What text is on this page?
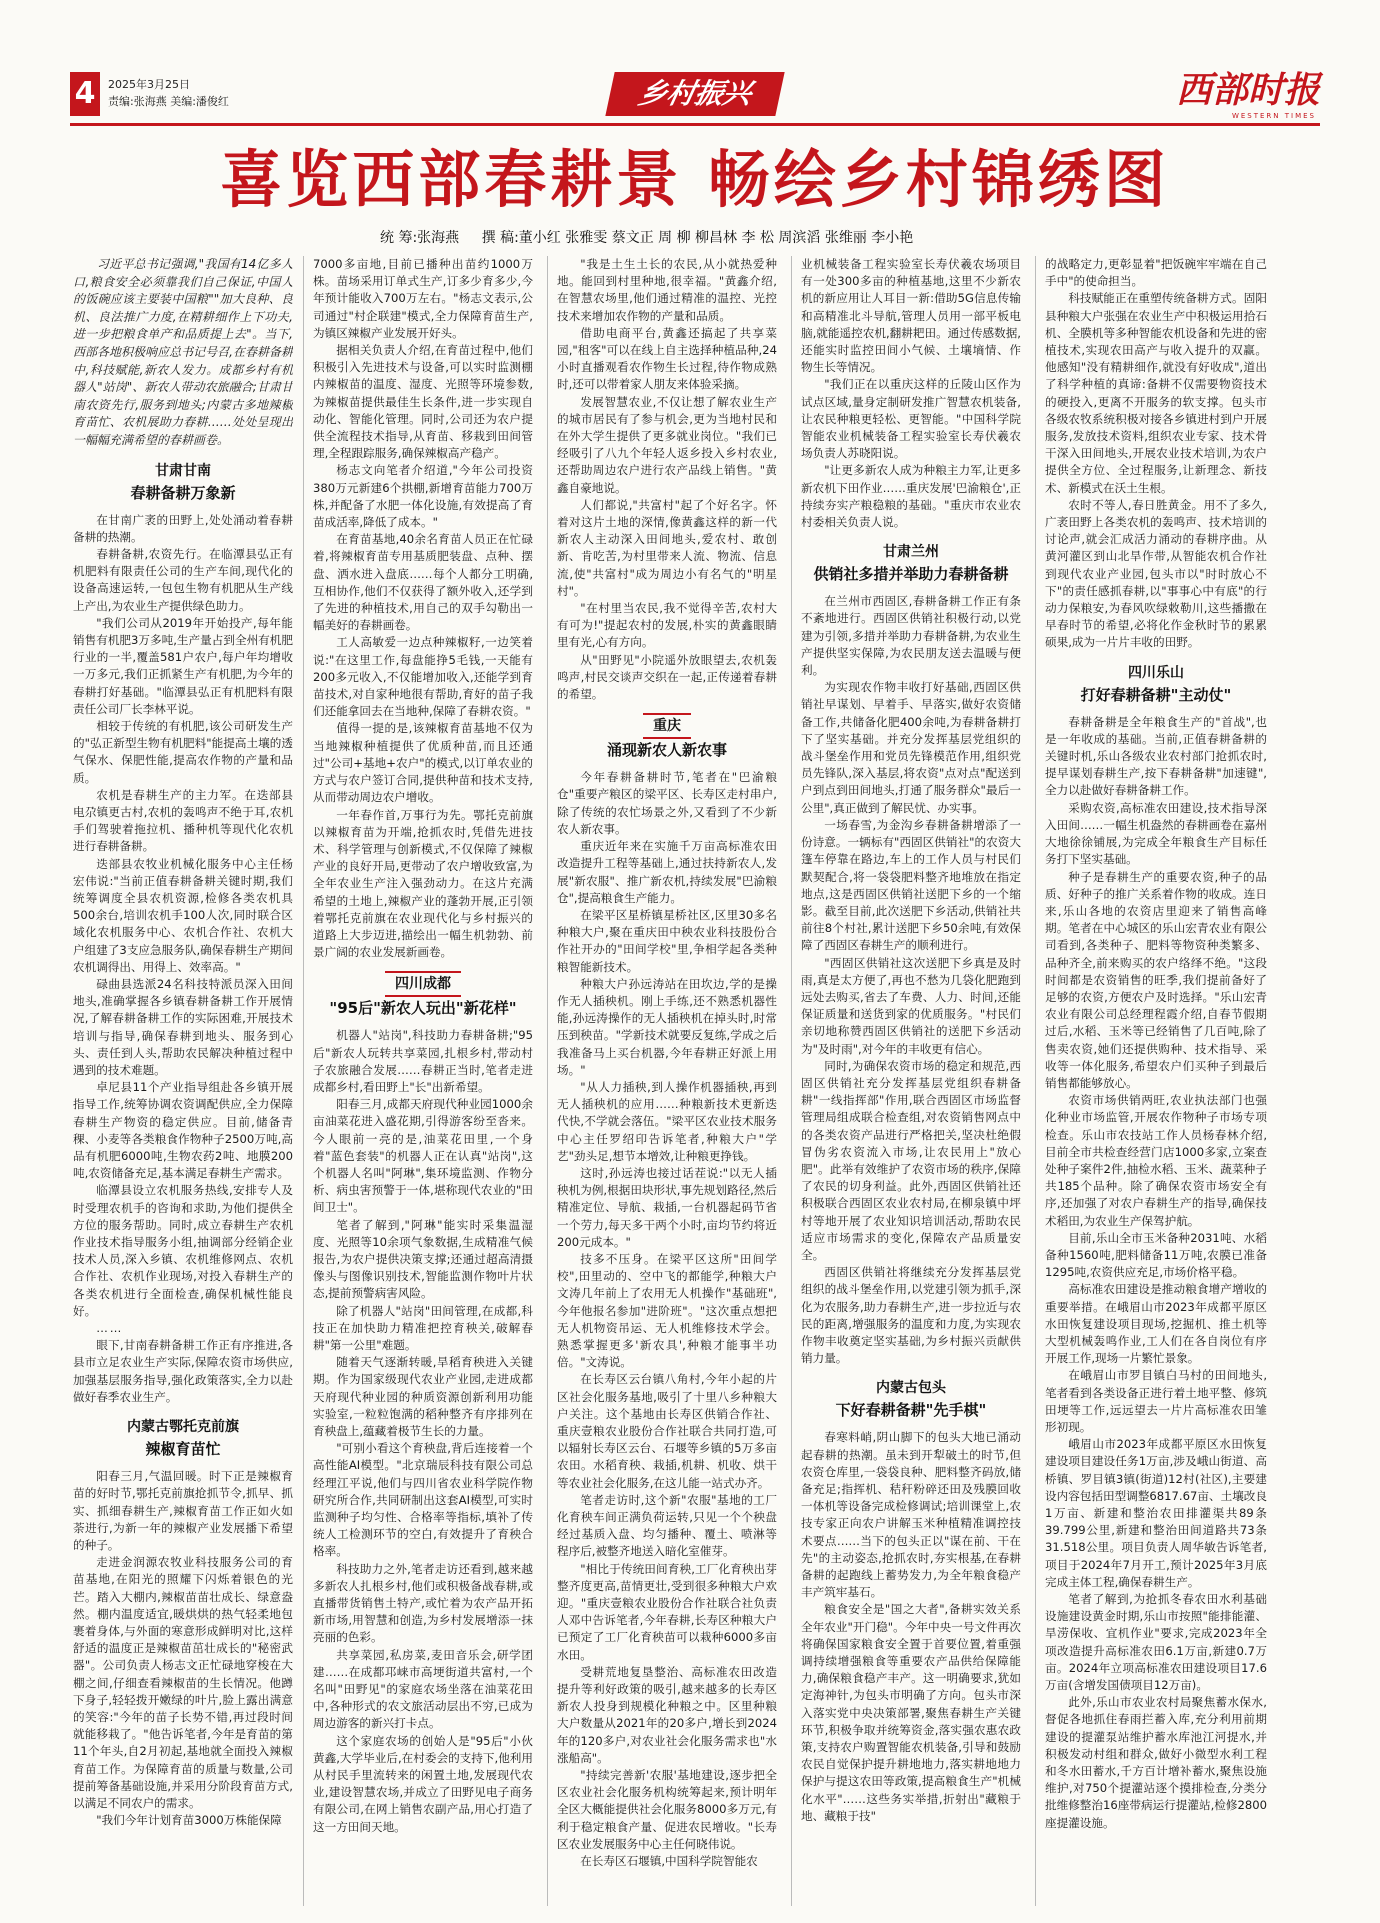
4	2025年3月25日
责编:张海燕 美编:潘俊红	乡村振兴	西部时报
WESTERN TIMES
喜览西部春耕景 畅绘乡村锦绣图
统 筹:张海燕 撰 稿:董小红 张雅雯 蔡文正 周 柳 柳昌林 李 松 周滨滔 张维丽 李小艳

习近平总书记强调,"我国有14亿多人口,粮食安全必须靠我们自己保证,中国人的饭碗应该主要装中国粮""加大良种、良机、良法推广力度,在精耕细作上下功夫,进一步把粮食单产和品质提上去"。当下,西部各地积极响应总书记号召,在春耕备耕中,科技赋能,新农人发力。成都乡村有机器人"站岗"、新农人带动农旅融合;甘肃甘南农资先行,服务到地头;内蒙古多地辣椒育苗忙、农机展助力春耕……处处呈现出一幅幅充满希望的春耕画卷。

甘肃甘南
春耕备耕万象新

在甘南广袤的田野上,处处涌动着春耕备耕的热潮。

春耕备耕,农资先行。在临潭县弘正有机肥料有限责任公司的生产车间,现代化的设备高速运转,一包包生物有机肥从生产线上产出,为农业生产提供绿色助力。

"我们公司从2019年开始投产,每年能销售有机肥3万多吨,生产量占到全州有机肥行业的一半,覆盖581户农户,每户年均增收一万多元,我们正抓紧生产有机肥,为今年的春耕打好基础。"临潭县弘正有机肥料有限责任公司厂长李林平说。

相较于传统的有机肥,该公司研发生产的"弘正新型生物有机肥料"能提高土壤的透气保水、保肥性能,提高农作物的产量和品质。

农机是春耕生产的主力军。在迭部县电尕镇更古村,农机的轰鸣声不绝于耳,农机手们驾驶着拖拉机、播种机等现代化农机进行春耕备耕。

迭部县农牧业机械化服务中心主任杨宏伟说:"当前正值春耕备耕关键时期,我们统筹调度全县农机资源,检修各类农机具500余台,培训农机手100人次,同时联合区域化农机服务中心、农机合作社、农机大户组建了3支应急服务队,确保春耕生产期间农机调得出、用得上、效率高。"

碌曲县选派24名科技特派员深入田间地头,准确掌握各乡镇春耕备耕工作开展情况,了解春耕备耕工作的实际困难,开展技术培训与指导,确保春耕到地头、服务到心头、责任到人头,帮助农民解决种植过程中遇到的技术难题。

卓尼县11个产业指导组赴各乡镇开展指导工作,统筹协调农资调配供应,全力保障春耕生产物资的稳定供应。目前,储备青稞、小麦等各类粮食作物种子2500万吨,高品有机肥6000吨,生物农药2吨、地膜200吨,农资储备充足,基本满足春耕生产需求。

临潭县设立农机服务热线,安排专人及时受理农机手的咨询和求助,为他们提供全方位的服务帮助。同时,成立春耕生产农机作业技术指导服务小组,抽调部分经销企业技术人员,深入乡镇、农机维修网点、农机合作社、农机作业现场,对投入春耕生产的各类农机进行全面检查,确保机械性能良好。

……

眼下,甘南春耕备耕工作正有序推进,各县市立足农业生产实际,保障农资市场供应,加强基层服务指导,强化政策落实,全力以赴做好春季农业生产。

内蒙古鄂托克前旗
辣椒育苗忙

阳春三月,气温回暖。时下正是辣椒育苗的好时节,鄂托克前旗抢抓节令,抓早、抓实、抓细春耕生产,辣椒育苗工作正如火如荼进行,为新一年的辣椒产业发展播下希望的种子。

走进金润源农牧业科技服务公司的育苗基地,在阳光的照耀下闪烁着银色的光芒。踏入大棚内,辣椒苗苗壮成长、绿意盎然。棚内温度适宜,暖烘烘的热气轻柔地包裹着身体,与外面的寒意形成鲜明对比,这样舒适的温度正是辣椒苗茁壮成长的"秘密武器"。公司负责人杨志文正忙碌地穿梭在大棚之间,仔细查看辣椒苗的生长情况。他蹲下身子,轻轻拨开嫩绿的叶片,脸上露出满意的笑容:"今年的苗子长势不错,再过段时间就能移栽了。"他告诉笔者,今年是育苗的第11个年头,自2月初起,基地就全面投入辣椒育苗工作。为保障育苗的质量与数量,公司提前筹备基础设施,并采用分阶段育苗方式,以满足不同农户的需求。

"我们今年计划育苗3000万株能保障

7000多亩地,目前已播种出苗约1000万株。苗场采用订单式生产,订多少育多少,今年预计能收入700万左右。"杨志文表示,公司通过"村企联建"模式,全力保障育苗生产,为镇区辣椒产业发展开好头。

据相关负责人介绍,在育苗过程中,他们积极引入先进技术与设备,可以实时监测棚内辣椒苗的温度、湿度、光照等环境参数,为辣椒苗提供最佳生长条件,进一步实现自动化、智能化管理。同时,公司还为农户提供全流程技术指导,从育苗、移栽到田间管理,全程跟踪服务,确保辣椒高产稳产。

杨志文向笔者介绍道,"今年公司投资380万元新建6个拱棚,新增育苗能力700万株,并配备了水肥一体化设施,有效提高了育苗成活率,降低了成本。"

在育苗基地,40余名育苗人员正在忙碌着,将辣椒育苗专用基质肥装盘、点种、摆盘、洒水进入盘底……每个人都分工明确,互相协作,他们不仅获得了额外收入,还学到了先进的种植技术,用自己的双手勾勒出一幅美好的春耕画卷。

工人高敏爱一边点种辣椒籽,一边笑着说:"在这里工作,每盘能挣5毛钱,一天能有200多元收入,不仅能增加收入,还能学到育苗技术,对自家种地很有帮助,育好的苗子我们还能拿回去在当地种,保障了春耕农资。"

值得一提的是,该辣椒育苗基地不仅为当地辣椒种植提供了优质种苗,而且还通过"公司+基地+农户"的模式,以订单农业的方式与农户签订合同,提供种苗和技术支持,从而带动周边农户增收。

一年春作首,万事行为先。鄂托克前旗以辣椒育苗为开端,抢抓农时,凭借先进技术、科学管理与创新模式,不仅保障了辣椒产业的良好开局,更带动了农户增收致富,为全年农业生产注入强劲动力。在这片充满希望的土地上,辣椒产业的蓬勃开展,正引领着鄂托克前旗在农业现代化与乡村振兴的道路上大步迈进,描绘出一幅生机勃勃、前景广阔的农业发展新画卷。

四川成都
"95后"新农人玩出"新花样"

机器人"站岗",科技助力春耕备耕;"95后"新农人玩转共享菜园,扎根乡村,带动村子农旅融合发展……春耕正当时,笔者走进成都乡村,看田野上"长"出新希望。

阳春三月,成都天府现代种业园1000余亩油菜花进入盛花期,引得游客纷至沓来。今人眼前一亮的是,油菜花田里,一个身着"蓝色套装"的机器人正在认真"站岗",这个机器人名叫"阿琳",集环境监测、作物分析、病虫害预警于一体,堪称现代农业的"田间卫士"。

笔者了解到,"阿琳"能实时采集温湿度、光照等10余项气象数据,生成精准气候报告,为农户提供决策支撑;还通过超高清摄像头与图像识别技术,智能监测作物叶片状态,提前预警病害风险。

除了机器人"站岗"田间管理,在成都,科技正在加快助力精准把控育秧关,破解春耕"第一公里"难题。

随着天气逐渐转暖,旱稻育秧进入关键期。作为国家级现代农业产业园,走进成都天府现代种业园的种质资源创新利用功能实验室,一粒粒饱满的稻种整齐有序排列在育秧盘上,蕴藏着极节生长的力量。

"可别小看这个育秧盘,背后连接着一个高性能AI模型。"北京瑞辰科技有限公司总经理江平说,他们与四川省农业科学院作物研究所合作,共同研制出这套AI模型,可实时监测种子均匀性、合格率等指标,填补了传统人工检测环节的空白,有效提升了育秧合格率。

科技助力之外,笔者走访还看到,越来越多新农人扎根乡村,他们或积极备战春耕,或直播带货销售土特产,或忙着为农产品开拓新市场,用智慧和创造,为乡村发展增添一抹亮丽的色彩。

共享菜园,私房菜,麦田音乐会,研学团建……在成都邛崃市高埂街道共富村,一个名叫"田野见"的家庭农场坐落在油菜花田中,各种形式的农文旅活动层出不穷,已成为周边游客的新兴打卡点。

这个家庭农场的创始人是"95后"小伙黄鑫,大学毕业后,在村委会的支持下,他利用从村民手里流转来的闲置土地,发展现代农业,建设智慧农场,并成立了田野见电子商务有限公司,在网上销售农副产品,用心打造了这一方田间天地。

"我是土生土长的农民,从小就热爱种地。能回到村里种地,很幸福。"黄鑫介绍,在智慧农场里,他们通过精准的温控、光控技术来增加农作物的产量和品质。

借助电商平台,黄鑫还搞起了共享菜园,"租客"可以在线上自主选择种植品种,24小时直播观看农作物生长过程,待作物成熟时,还可以带着家人朋友来体验采摘。

发展智慧农业,不仅让想了解农业生产的城市居民有了参与机会,更为当地村民和在外大学生提供了更多就业岗位。"我们已经吸引了八九个年轻人返乡投入乡村农业,还帮助周边农户进行农产品线上销售。"黄鑫自豪地说。

人们都说,"共富村"起了个好名字。怀着对这片土地的深情,像黄鑫这样的新一代新农人主动深入田间地头,爱农村、敢创新、肯吃苦,为村里带来人流、物流、信息流,使"共富村"成为周边小有名气的"明星村"。

"在村里当农民,我不觉得辛苦,农村大有可为!"提起农村的发展,朴实的黄鑫眼睛里有光,心有方向。

从"田野见"小院遥外放眼望去,农机轰鸣声,村民交谈声交织在一起,正传递着春耕的希望。

重庆
涌现新农人新农事

今年春耕备耕时节,笔者在"巴渝粮仓"重要产粮区的梁平区、长寿区走村串户,除了传统的农忙场景之外,又看到了不少新农人新农事。

重庆近年来在实施千万亩高标准农田改造提升工程等基础上,通过扶持新农人,发展"新农服"、推广新农机,持续发展"巴渝粮仓",提高粮食生产能力。

在梁平区星桥镇星桥社区,区里30多名种粮大户,聚在重庆田中秧农业科技股份合作社开办的"田间学校"里,争相学起各类种粮智能新技术。

种粮大户孙远涛站在田坎边,学的是操作无人插秧机。刚上手练,还不熟悉机器性能,孙远涛操作的无人插秧机在掉头时,时常压到秧苗。"学新技术就要反复练,学成之后我准备马上买台机器,今年春耕正好派上用场。"

"从人力插秧,到人操作机器插秧,再到无人插秧机的应用……种粮新技术更新迭代快,不学就会落伍。"梁平区农业技术服务中心主任罗绍印告诉笔者,种粮大户"学艺"劲头足,想节本增效,让种粮更挣钱。

这时,孙远涛也接过话茬说:"以无人插秧机为例,根据田块形状,事先规划路径,然后精准定位、导航、栽插,一台机器起码节省一个劳力,每天多干两个小时,亩均节约将近200元成本。"

技多不压身。在梁平区这所"田间学校",田里动的、空中飞的都能学,种粮大户文涛几年前上了农用无人机操作"基础班",今年他报名参加"进阶班"。"这次重点想把无人机物资吊运、无人机维修技术学会。熟悉掌握更多'新农具',种粮才能事半功倍。"文涛说。

在长寿区云台镇八角村,今年小起的片区社会化服务基地,吸引了十里八乡种粮大户关注。这个基地由长寿区供销合作社、重庆壹粮农业股份合作社联合共同打造,可以辐射长寿区云台、石堰等乡镇的5万多亩农田。水稻育秧、栽插,机耕、机收、烘干等农业社会化服务,在这儿能一站式办齐。

笔者走访时,这个新"农服"基地的工厂化育秧车间正满负荷运转,只见一个个秧盘经过基质入盘、均匀播种、覆土、喷淋等程序后,被整齐地送入暗化室催芽。

"相比于传统田间育秧,工厂化育秧出芽整齐度更高,苗情更壮,受到很多种粮大户欢迎。"重庆壹粮农业股份合作社联合社负责人邓中告诉笔者,今年春耕,长寿区种粮大户已预定了工厂化育秧苗可以栽种6000多亩水田。

受耕荒地复垦整治、高标准农田改造提升等利好政策的吸引,越来越多的长寿区新农人投身到规模化种粮之中。区里种粮大户数量从2021年的20多户,增长到2024年的120多户,对农业社会化服务需求也"水涨船高"。

"持续完善新'农服'基地建设,逐步把全区农业社会化服务机构统筹起来,预计明年全区大概能提供社会化服务8000多万元,有利于稳定粮食产量、促进农民增收。"长寿区农业发展服务中心主任何晓伟说。

在长寿区石堰镇,中国科学院智能农

业机械装备工程实验室长寿伏羲农场项目有一处300多亩的种植基地,这里不少新农机的新应用让人耳目一新:借助5G信息传输和高精准北斗导航,管理人员用一部平板电脑,就能遥控农机,翻耕耙田。通过传感数据,还能实时监控田间小气候、土壤墒情、作物生长等情况。

"我们正在以重庆这样的丘陵山区作为试点区域,量身定制研发推广智慧农机装备,让农民种粮更轻松、更智能。"中国科学院智能农业机械装备工程实验室长寿伏羲农场负责人苏晓阳说。

"让更多新农人成为种粮主力军,让更多新农机下田作业……重庆发展'巴渝粮仓',正持续夯实产粮稳粮的基础。"重庆市农业农村委相关负责人说。

甘肃兰州
供销社多措并举助力春耕备耕

在兰州市西固区,春耕备耕工作正有条不紊地进行。西固区供销社积极行动,以党建为引领,多措并举助力春耕备耕,为农业生产提供坚实保障,为农民朋友送去温暖与便利。

为实现农作物丰收打好基础,西固区供销社早谋划、早着手、早落实,做好农资储备工作,共储备化肥400余吨,为春耕备耕打下了坚实基础。并充分发挥基层党组织的战斗堡垒作用和党员先锋模范作用,组织党员先锋队,深入基层,将农资"点对点"配送到户到点到田间地头,打通了服务群众"最后一公里",真正做到了解民忧、办实事。

一场春雪,为金沟乡春耕备耕增添了一份诗意。一辆标有"西固区供销社"的农资大篷车停靠在路边,车上的工作人员与村民们默契配合,将一袋袋肥料整齐地堆放在指定地点,这是西固区供销社送肥下乡的一个缩影。截至目前,此次送肥下乡活动,供销社共前往8个村社,累计送肥下乡50余吨,有效保障了西固区春耕生产的顺利进行。

"西固区供销社这次送肥下乡真是及时雨,真是太方便了,再也不愁为几袋化肥跑到远处去购买,省去了车费、人力、时间,还能保证质量和送货到家的优质服务。"村民们亲切地称赞西固区供销社的送肥下乡活动为"及时雨",对今年的丰收更有信心。

同时,为确保农资市场的稳定和规范,西固区供销社充分发挥基层党组织春耕备耕"一线指挥部"作用,联合西固区市场监督管理局组成联合检查组,对农资销售网点中的各类农资产品进行严格把关,坚决杜绝假冒伪劣农资流入市场,让农民用上"放心肥"。此举有效维护了农资市场的秩序,保障了农民的切身利益。此外,西固区供销社还积极联合西固区农业农村局,在柳泉镇中坪村等地开展了农业知识培训活动,帮助农民适应市场需求的变化,保障农产品质量安全。

西固区供销社将继续充分发挥基层党组织的战斗堡垒作用,以党建引领为抓手,深化为农服务,助力春耕生产,进一步拉近与农民的距离,增强服务的温度和力度,为实现农作物丰收奠定坚实基础,为乡村振兴贡献供销力量。

内蒙古包头
下好春耕备耕"先手棋"

春寒料峭,阴山脚下的包头大地已涌动起春耕的热潮。虽未到开犁破土的时节,但农资仓库里,一袋袋良种、肥料整齐码放,储备充足;指挥机、秸秆粉碎还田及残膜回收一体机等设备完成检修调试;培训课堂上,农技专家正向农户讲解玉米种植精准调控技术要点……当下的包头正以"谋在前、干在先"的主动姿态,抢抓农时,夯实根基,在春耕备耕的起跑线上蓄势发力,为全年粮食稳产丰产筑牢基石。

粮食安全是"国之大者",备耕实效关系全年农业"开门稳"。今年中央一号文件再次将确保国家粮食安全置于首要位置,着重强调持续增强粮食等重要农产品供给保障能力,确保粮食稳产丰产。这一明确要求,犹如定海神针,为包头市明确了方向。包头市深入落实党中央决策部署,聚焦春耕生产关键环节,积极争取并统筹资金,落实强农惠农政策,支持农户购置智能农机装备,引导和鼓励农民自觉保护提升耕地地力,落实耕地地力保护与提这农田等政策,提高粮食生产"机械化水平"……这些务实举措,折射出"藏粮于地、藏粮于技"

的战略定力,更彰显着"把饭碗牢牢端在自己手中"的使命担当。

科技赋能正在重塑传统备耕方式。固阳县种粮大户张强在农业生产中积极运用拾石机、全膜机等多种智能农机设备和先进的密植技术,实现农田高产与收入提升的双赢。他感知"没有精耕细作,就没有好收成",道出了科学种植的真谛:备耕不仅需要物资技术的硬投入,更离不开服务的软支撑。包头市各级农牧系统积极对接各乡镇进村到户开展服务,发放技术资料,组织农业专家、技术骨干深入田间地头,开展农业技术培训,为农户提供全方位、全过程服务,让新理念、新技术、新模式在沃土生根。

农时不等人,春日胜黄金。用不了多久,广袤田野上各类农机的轰鸣声、技术培训的讨论声,就会汇成活力涌动的春耕序曲。从黄河灌区到山北旱作带,从智能农机合作社到现代农业产业园,包头市以"时时放心不下"的责任感抓春耕,以"事事心中有底"的行动力保粮安,为春风吹绿敕勒川,这些播撒在早春时节的希望,必将化作金秋时节的累累硕果,成为一片片丰收的田野。

四川乐山
打好春耕备耕"主动仗"

春耕备耕是全年粮食生产的"首战",也是一年收成的基础。当前,正值春耕备耕的关键时机,乐山各级农业农村部门抢抓农时,提早谋划春耕生产,按下春耕备耕"加速键",全力以赴做好春耕备耕工作。

采购农资,高标准农田建设,技术指导深入田间……一幅生机盎然的春耕画卷在嘉州大地徐徐铺展,为完成全年粮食生产目标任务打下坚实基础。

种子是春耕生产的重要农资,种子的品质、好种子的推广关系着作物的收成。连日来,乐山各地的农资店里迎来了销售高峰期。笔者在中心城区的乐山宏青农业有限公司看到,各类种子、肥料等物资种类繁多、品种齐全,前来购买的农户络绎不绝。"这段时间都是农资销售的旺季,我们提前备好了足够的农资,方便农户及时选择。"乐山宏青农业有限公司总经理程霞介绍,自春节假期过后,水稻、玉米等已经销售了几百吨,除了售卖农资,她们还提供购种、技术指导、采收等一体化服务,希望农户们买种子到最后销售都能够放心。

农资市场供销两旺,农业执法部门也强化种业市场监管,开展农作物种子市场专项检查。乐山市农技站工作人员杨春林介绍,目前全市共检查经营门店1000多家,立案查处种子案件2件,抽检水稻、玉米、蔬菜种子共185个品种。除了确保农资市场安全有序,还加强了对农户春耕生产的指导,确保技术稻田,为农业生产保驾护航。

目前,乐山全市玉米备种2031吨、水稻备种1560吨,肥料储备11万吨,农膜已准备1295吨,农资供应充足,市场价格平稳。

高标准农田建设是推动粮食增产增收的重要举措。在峨眉山市2023年成都平原区水田恢复建设项目现场,挖掘机、推土机等大型机械轰鸣作业,工人们在各自岗位有序开展工作,现场一片繁忙景象。

在峨眉山市罗目镇白马村的田间地头,笔者看到各类设备正进行着土地平整、修筑田埂等工作,远远望去一片片高标准农田雏形初现。

峨眉山市2023年成都平原区水田恢复建设项目建设任务1万亩,涉及峨山街道、高桥镇、罗目镇3镇(街道)12村(社区),主要建设内容包括田型调整6817.67亩、土壤改良1万亩、新建和整治农田排灌渠共89条39.799公里,新建和整治田间道路共73条31.518公里。项目负责人周华敏告诉笔者,项目于2024年7月开工,预计2025年3月底完成主体工程,确保春耕生产。

笔者了解到,为抢抓冬春农田水利基础设施建设黄金时期,乐山市按照"能排能灌、旱涝保收、宜机作业"要求,完成2023年全项改造提升高标准农田6.1万亩,新建0.7万亩。2024年立项高标准农田建设项目17.6万亩(含增发国债项目12万亩)。

此外,乐山市农业农村局聚焦蓄水保水,督促各地抓住春雨拦蓄入库,充分利用前期建设的提灌泵站维护蓄水库池江河提水,并积极发动村组和群众,做好小微型水利工程和冬水田蓄水,千方百计增补蓄水,聚焦设施维护,对750个提灌站逐个摸排检查,分类分批维修整治16座带病运行提灌站,检修2800座提灌设施。
